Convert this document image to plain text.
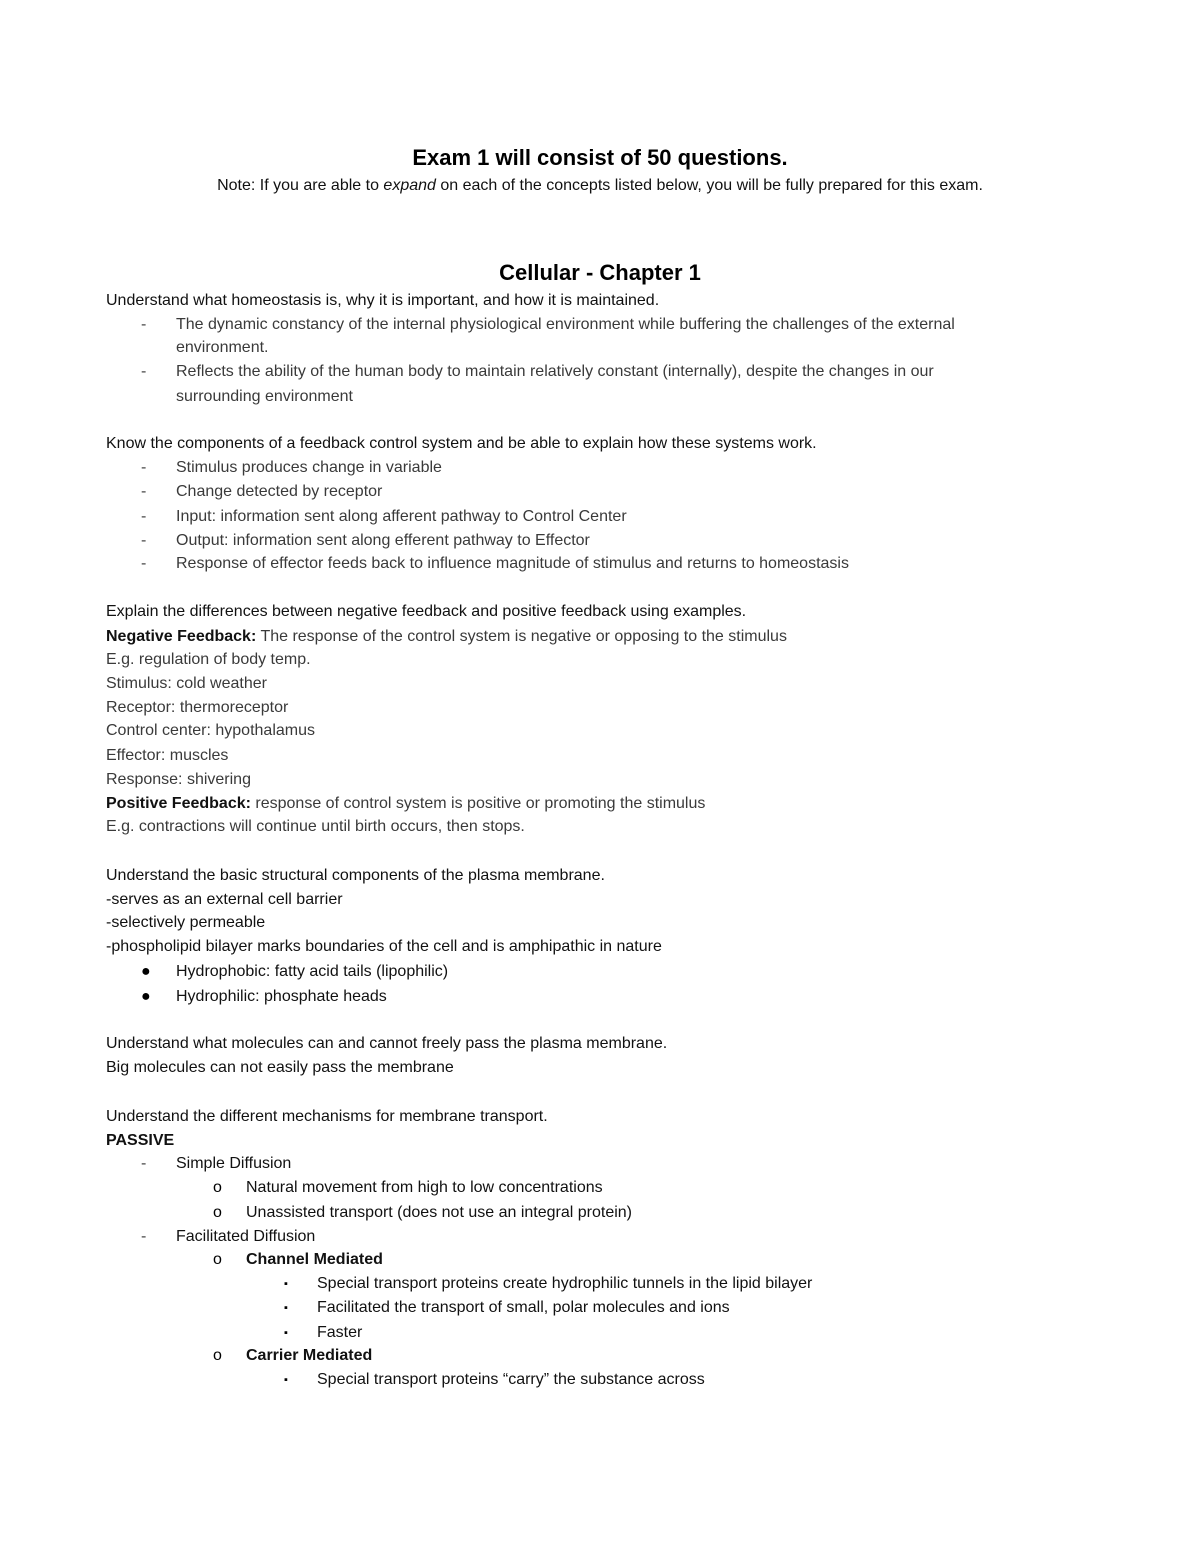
Exam 1 will consist of 50 questions.
Note: If you are able to expand on each of the concepts listed below, you will be fully prepared for this exam.
Cellular - Chapter 1
Understand what homeostasis is, why it is important, and how it is maintained.
- The dynamic constancy of the internal physiological environment while buffering the challenges of the external
environment.
- Reflects the ability of the human body to maintain relatively constant (internally), despite the changes in our
surrounding environment
Know the components of a feedback control system and be able to explain how these systems work.
- Stimulus produces change in variable
- Change detected by receptor
- Input: information sent along afferent pathway to Control Center
- Output: information sent along efferent pathway to Effector
- Response of effector feeds back to influence magnitude of stimulus and returns to homeostasis
Explain the differences between negative feedback and positive feedback using examples.
Negative Feedback: The response of the control system is negative or opposing to the stimulus
E.g. regulation of body temp.
Stimulus: cold weather
Receptor: thermoreceptor
Control center: hypothalamus
Effector: muscles
Response: shivering
Positive Feedback: response of control system is positive or promoting the stimulus
E.g. contractions will continue until birth occurs, then stops.
Understand the basic structural components of the plasma membrane.
-serves as an external cell barrier
-selectively permeable
-phospholipid bilayer marks boundaries of the cell and is amphipathic in nature
● Hydrophobic: fatty acid tails (lipophilic)
● Hydrophilic: phosphate heads
Understand what molecules can and cannot freely pass the plasma membrane.
Big molecules can not easily pass the membrane
Understand the different mechanisms for membrane transport.
PASSIVE
- Simple Diffusion
o Natural movement from high to low concentrations
o Unassisted transport (does not use an integral protein)
- Facilitated Diffusion
o Channel Mediated
▪ Special transport proteins create hydrophilic tunnels in the lipid bilayer
▪ Facilitated the transport of small, polar molecules and ions
▪ Faster
o Carrier Mediated
▪ Special transport proteins “carry” the substance across
